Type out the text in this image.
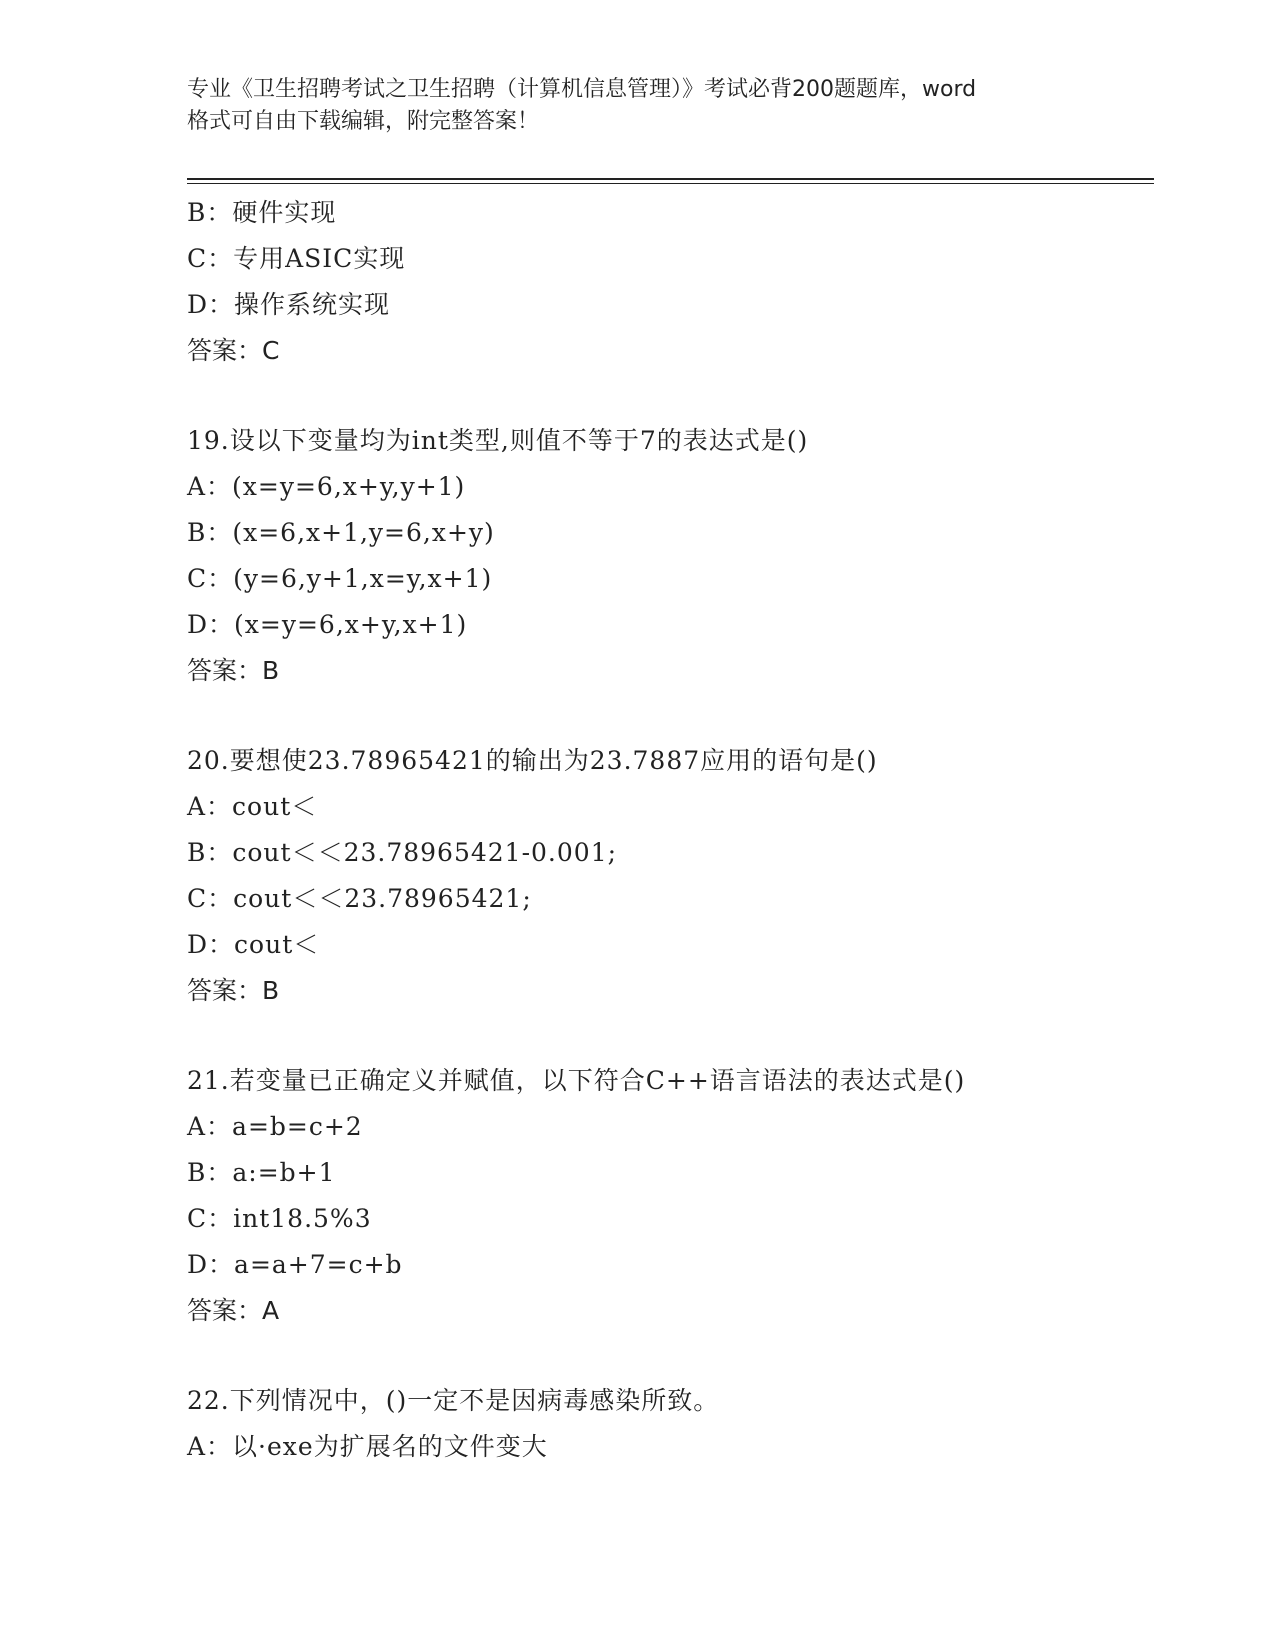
专业《卫生招聘考试之卫生招聘（计算机信息管理）》考试必背200题题库，word
格式可自由下载编辑，附完整答案！
B：硬件实现
C：专用ASIC实现
D：操作系统实现
答案：C
19.设以下变量均为int类型,则值不等于7的表达式是()
A：(x=y=6,x+y,y+1)
B：(x=6,x+1,y=6,x+y)
C：(y=6,y+1,x=y,x+1)
D：(x=y=6,x+y,x+1)
答案：B
20.要想使23.78965421的输出为23.7887应用的语句是()
A：cout＜
B：cout＜＜23.78965421-0.001;
C：cout＜＜23.78965421;
D：cout＜
答案：B
21.若变量已正确定义并赋值，以下符合C++语言语法的表达式是()
A：a=b=c+2
B：a:=b+1
C：int18.5%3
D：a=a+7=c+b
答案：A
22.下列情况中，()一定不是因病毒感染所致。
A：以·exe为扩展名的文件变大
